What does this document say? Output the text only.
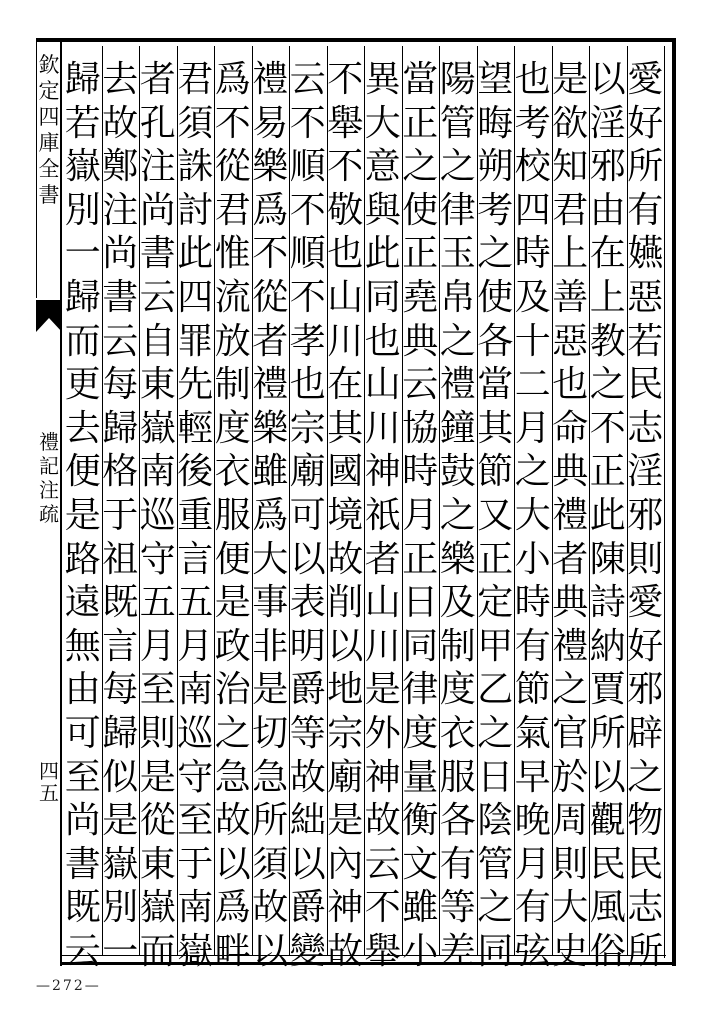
欽
定
四
庫
全
書
禮
記
注
疏
四
五
—272—
愛
好
所
有
嬿
惡
若
民
志
淫
邪
則
愛
好
邪
辟
之
物
民
志
所
以
淫
邪
由
在
上
教
之
不
正
此
陳
詩
納
賈
所
以
觀
民
風
俗
是
欲
知
君
上
善
惡
也
命
典
禮
者
典
禮
之
官
於
周
則
大
史
也
考
校
四
時
及
十
二
月
之
大
小
時
有
節
氣
早
晚
月
有
弦
望
晦
朔
考
之
使
各
當
其
節
又
正
定
甲
乙
之
日
陰
管
之
同
陽
管
之
律
玉
帛
之
禮
鐘
鼓
之
樂
及
制
度
衣
服
各
有
等
差
當
正
之
使
正
堯
典
云
協
時
月
正
日
同
律
度
量
衡
文
雖
小
異
大
意
與
此
同
也
山
川
神
祇
者
山
川
是
外
神
故
云
不
舉
不
舉
不
敬
也
山
川
在
其
國
境
故
削
以
地
宗
廟
是
內
神
故
云
不
順
不
順
不
孝
也
宗
廟
可
以
表
明
爵
等
故
絀
以
爵
變
禮
易
樂
爲
不
從
者
禮
樂
雖
爲
大
事
非
是
切
急
所
須
故
以
爲
不
從
君
惟
流
放
制
度
衣
服
便
是
政
治
之
急
故
以
爲
畔
君
須
誅
討
此
四
罪
先
輕
後
重
言
五
月
南
巡
守
至
于
南
嶽
者
孔
注
尚
書
云
自
東
嶽
南
巡
守
五
月
至
則
是
從
東
嶽
而
去
故
鄭
注
尚
書
云
每
歸
格
于
祖
既
言
每
歸
似
是
嶽
別
一
歸
若
嶽
別
一
歸
而
更
去
便
是
路
遠
無
由
可
至
尚
書
既
云
